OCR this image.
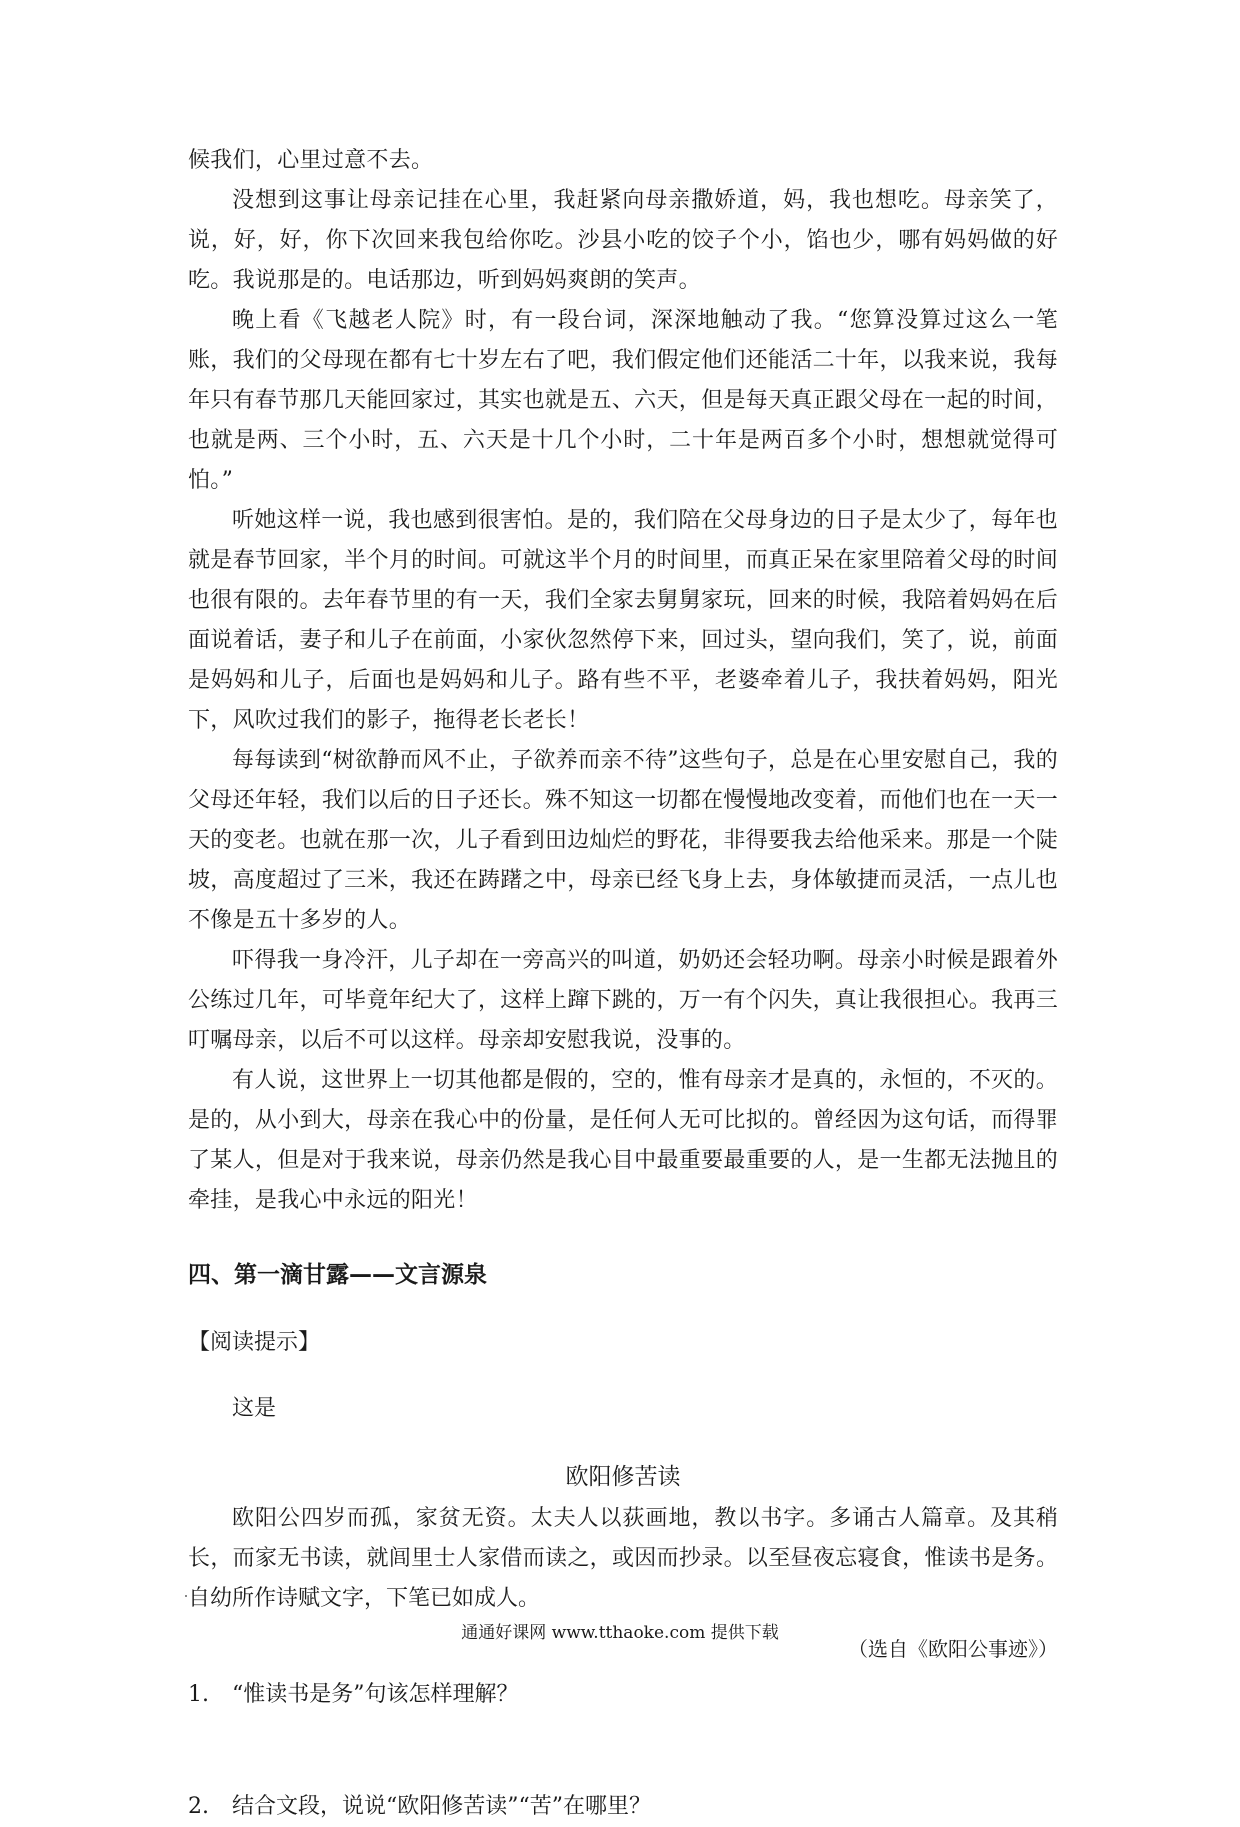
候我们，心里过意不去。

没想到这事让母亲记挂在心里，我赶紧向母亲撒娇道，妈，我也想吃。母亲笑了，说，好，好，你下次回来我包给你吃。沙县小吃的饺子个小，馅也少，哪有妈妈做的好吃。我说那是的。电话那边，听到妈妈爽朗的笑声。

晚上看《飞越老人院》时，有一段台词，深深地触动了我。“您算没算过这么一笔账，我们的父母现在都有七十岁左右了吧，我们假定他们还能活二十年，以我来说，我每年只有春节那几天能回家过，其实也就是五、六天，但是每天真正跟父母在一起的时间，也就是两、三个小时，五、六天是十几个小时，二十年是两百多个小时，想想就觉得可怕。”

听她这样一说，我也感到很害怕。是的，我们陪在父母身边的日子是太少了，每年也就是春节回家，半个月的时间。可就这半个月的时间里，而真正呆在家里陪着父母的时间也很有限的。去年春节里的有一天，我们全家去舅舅家玩，回来的时候，我陪着妈妈在后面说着话，妻子和儿子在前面，小家伙忽然停下来，回过头，望向我们，笑了，说，前面是妈妈和儿子，后面也是妈妈和儿子。路有些不平，老婆牵着儿子，我扶着妈妈，阳光下，风吹过我们的影子，拖得老长老长！

每每读到“树欲静而风不止，子欲养而亲不待”这些句子，总是在心里安慰自己，我的父母还年轻，我们以后的日子还长。殊不知这一切都在慢慢地改变着，而他们也在一天一天的变老。也就在那一次，儿子看到田边灿烂的野花，非得要我去给他采来。那是一个陡坡，高度超过了三米，我还在踌躇之中，母亲已经飞身上去，身体敏捷而灵活，一点儿也不像是五十多岁的人。

吓得我一身冷汗，儿子却在一旁高兴的叫道，奶奶还会轻功啊。母亲小时候是跟着外公练过几年，可毕竟年纪大了，这样上蹿下跳的，万一有个闪失，真让我很担心。我再三叮嘱母亲，以后不可以这样。母亲却安慰我说，没事的。

有人说，这世界上一切其他都是假的，空的，惟有母亲才是真的，永恒的，不灭的。是的，从小到大，母亲在我心中的份量，是任何人无可比拟的。曾经因为这句话，而得罪了某人，但是对于我来说，母亲仍然是我心目中最重要最重要的人，是一生都无法抛且的牵挂，是我心中永远的阳光！

四、第一滴甘露——文言源泉
【阅读提示】
这是
欧阳修苦读

欧阳公四岁而孤，家贫无资。太夫人以荻画地，教以书字。多诵古人篇章。及其稍长，而家无书读，就闾里士人家借而读之，或因而抄录。以至昼夜忘寝食，惟读书是务。自幼所作诗赋文字，下笔已如成人。

（选自《欧阳公事迹》）
1.	“惟读书是务”句该怎样理解？
2.	结合文段，说说“欧阳修苦读”“苦”在哪里？
通通好课网 www.tthaoke.com 提供下载
